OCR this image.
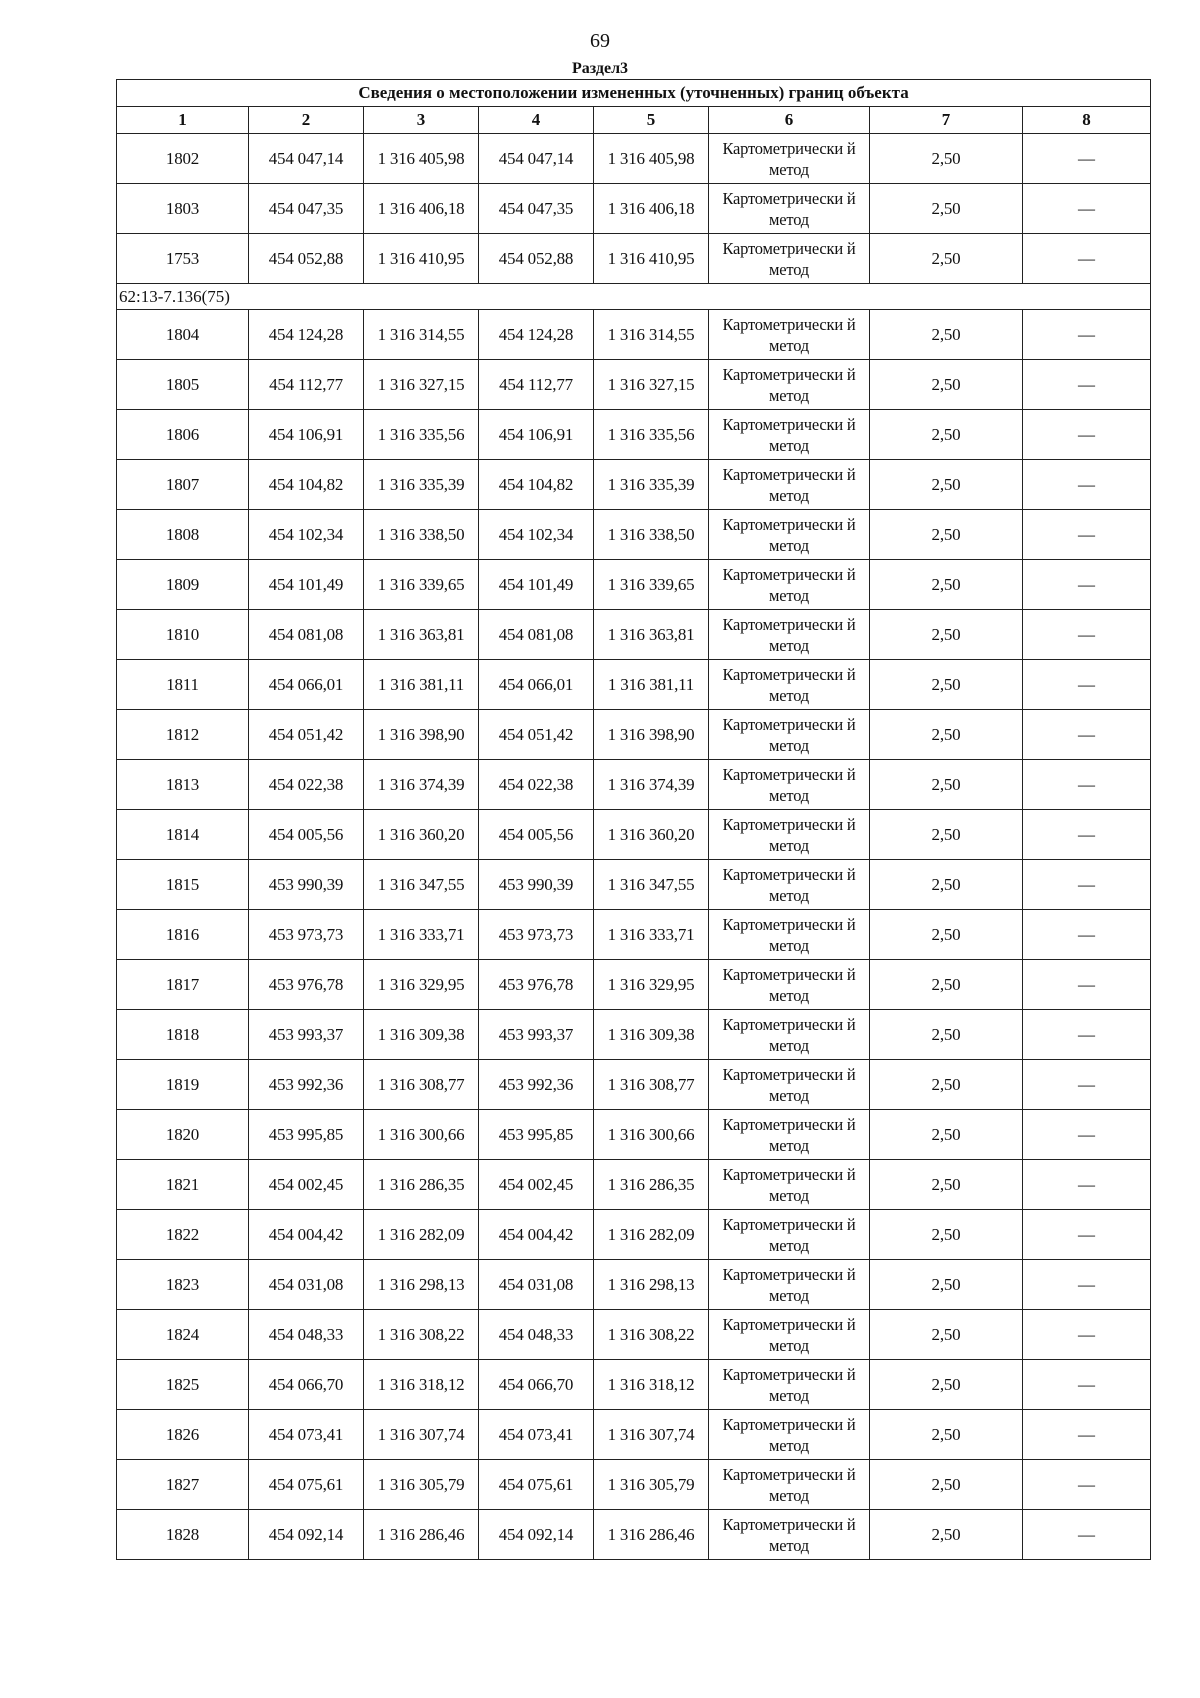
69
Раздел3
Сведения о местоположении измененных (уточненных) границ объекта							
1	2	3	4	5	6	7	8
1802	454 047,14	1 316 405,98	454 047,14	1 316 405,98	Картометрически й метод	2,50	—
1803	454 047,35	1 316 406,18	454 047,35	1 316 406,18	Картометрически й метод	2,50	—
1753	454 052,88	1 316 410,95	454 052,88	1 316 410,95	Картометрически й метод	2,50	—
62:13-7.136(75)							
1804	454 124,28	1 316 314,55	454 124,28	1 316 314,55	Картометрически й метод	2,50	—
1805	454 112,77	1 316 327,15	454 112,77	1 316 327,15	Картометрически й метод	2,50	—
1806	454 106,91	1 316 335,56	454 106,91	1 316 335,56	Картометрически й метод	2,50	—
1807	454 104,82	1 316 335,39	454 104,82	1 316 335,39	Картометрически й метод	2,50	—
1808	454 102,34	1 316 338,50	454 102,34	1 316 338,50	Картометрически й метод	2,50	—
1809	454 101,49	1 316 339,65	454 101,49	1 316 339,65	Картометрически й метод	2,50	—
1810	454 081,08	1 316 363,81	454 081,08	1 316 363,81	Картометрически й метод	2,50	—
1811	454 066,01	1 316 381,11	454 066,01	1 316 381,11	Картометрически й метод	2,50	—
1812	454 051,42	1 316 398,90	454 051,42	1 316 398,90	Картометрически й метод	2,50	—
1813	454 022,38	1 316 374,39	454 022,38	1 316 374,39	Картометрически й метод	2,50	—
1814	454 005,56	1 316 360,20	454 005,56	1 316 360,20	Картометрически й метод	2,50	—
1815	453 990,39	1 316 347,55	453 990,39	1 316 347,55	Картометрически й метод	2,50	—
1816	453 973,73	1 316 333,71	453 973,73	1 316 333,71	Картометрически й метод	2,50	—
1817	453 976,78	1 316 329,95	453 976,78	1 316 329,95	Картометрически й метод	2,50	—
1818	453 993,37	1 316 309,38	453 993,37	1 316 309,38	Картометрически й метод	2,50	—
1819	453 992,36	1 316 308,77	453 992,36	1 316 308,77	Картометрически й метод	2,50	—
1820	453 995,85	1 316 300,66	453 995,85	1 316 300,66	Картометрически й метод	2,50	—
1821	454 002,45	1 316 286,35	454 002,45	1 316 286,35	Картометрически й метод	2,50	—
1822	454 004,42	1 316 282,09	454 004,42	1 316 282,09	Картометрически й метод	2,50	—
1823	454 031,08	1 316 298,13	454 031,08	1 316 298,13	Картометрически й метод	2,50	—
1824	454 048,33	1 316 308,22	454 048,33	1 316 308,22	Картометрически й метод	2,50	—
1825	454 066,70	1 316 318,12	454 066,70	1 316 318,12	Картометрически й метод	2,50	—
1826	454 073,41	1 316 307,74	454 073,41	1 316 307,74	Картометрически й метод	2,50	—
1827	454 075,61	1 316 305,79	454 075,61	1 316 305,79	Картометрически й метод	2,50	—
1828	454 092,14	1 316 286,46	454 092,14	1 316 286,46	Картометрически й метод	2,50	—
